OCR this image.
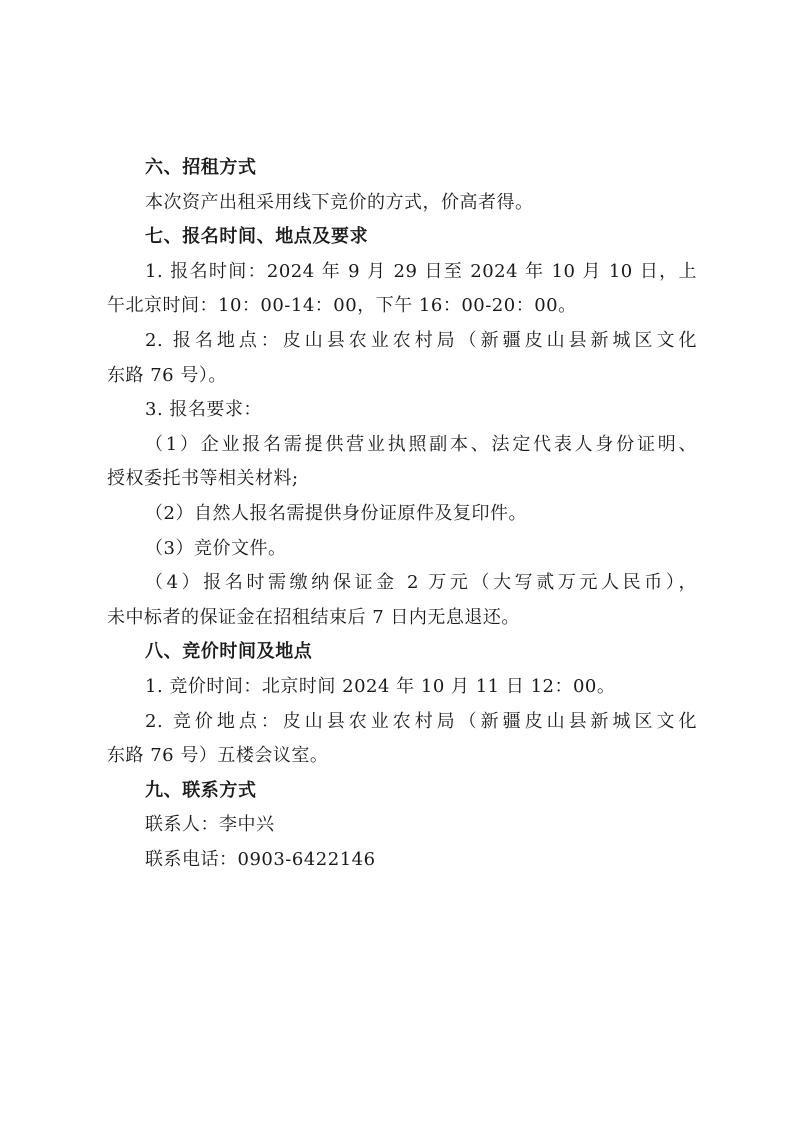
六、招租方式
本次资产出租采用线下竞价的方式，价高者得。
七、报名时间、地点及要求
1. 报名时间：2024 年 9 月 29 日至 2024 年 10 月 10 日，上
午北京时间：10：00-14：00，下午 16：00-20：00。
2. 报名地点：皮山县农业农村局（新疆皮山县新城区文化
东路 76 号）。
3. 报名要求：
（1）企业报名需提供营业执照副本、法定代表人身份证明、
授权委托书等相关材料;
（2）自然人报名需提供身份证原件及复印件。
（3）竞价文件。
（4）报名时需缴纳保证金 2 万元（大写贰万元人民币），
未中标者的保证金在招租结束后 7 日内无息退还。
八、竞价时间及地点
1. 竞价时间：北京时间 2024 年 10 月 11 日 12：00。
2. 竞价地点：皮山县农业农村局（新疆皮山县新城区文化
东路 76 号）五楼会议室。
九、联系方式
联系人：李中兴
联系电话：0903-6422146
